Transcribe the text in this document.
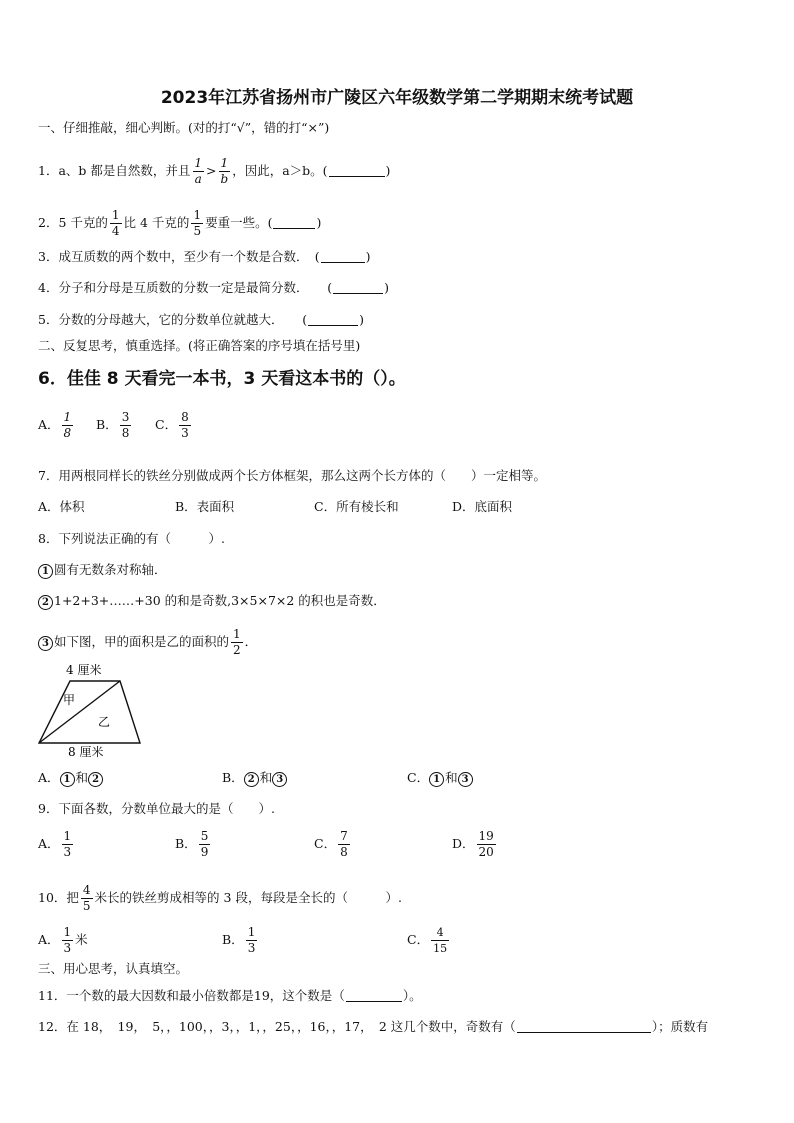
2023年江苏省扬州市广陵区六年级数学第二学期期末统考试题
一、仔细推敲，细心判断。(对的打“√”，错的打“×”)
1．a、b 都是自然数，并且 $\frac{1}{a} > \frac{1}{b}$ ，因此，a＞b。(	)
2．5 千克的 $\frac{1}{4}$ 比 4 千克的 $\frac{1}{5}$ 要重一些。(	)
3．成互质数的两个数中，至少有一个数是合数．　(	)
4．分子和分母是互质数的分数一定是最简分数．　　(	)
5．分数的分母越大，它的分数单位就越大．　　(	)
二、反复思考，慎重选择。(将正确答案的序号填在括号里)
6．佳佳 8 天看完一本书，3 天看这本书的（）。
A． $\frac{1}{8}$ B． $\frac{3}{8}$ C． $\frac{8}{3}$
7．用两根同样长的铁丝分别做成两个长方体框架，那么这两个长方体的（　　）一定相等。
A．体积	B．表面积	C．所有棱长和	D．底面积
8．下列说法正确的有（　　　）.
1 圆有无数条对称轴．
2 1+2+3+……+30 的和是奇数,3×5×7×2 的积也是奇数．
3 如下图，甲的面积是乙的面积的 $\frac{1}{2}$ ．
4 厘米
甲
乙
8 厘米
A． 1 和 2	B． 2 和 3	C． 1 和 3
9．下面各数，分数单位最大的是（　　）.
A． $\frac{1}{3}$	B． $\frac{5}{9}$	C． $\frac{7}{8}$	D． $\frac{19}{20}$
10．把 $\frac{4}{5}$ 米长的铁丝剪成相等的 3 段，每段是全长的（　　　）.
A． $\frac{1}{3}$ 米	B． $\frac{1}{3}$	C． $\frac{4}{15}$
三、用心思考，认真填空。
11．一个数的最大因数和最小倍数都是19，这个数是（	）。
12．在 18，　19，　5，，100，，3，，1，，25，，16，，17，　2 这几个数中，奇数有（	）；质数有
